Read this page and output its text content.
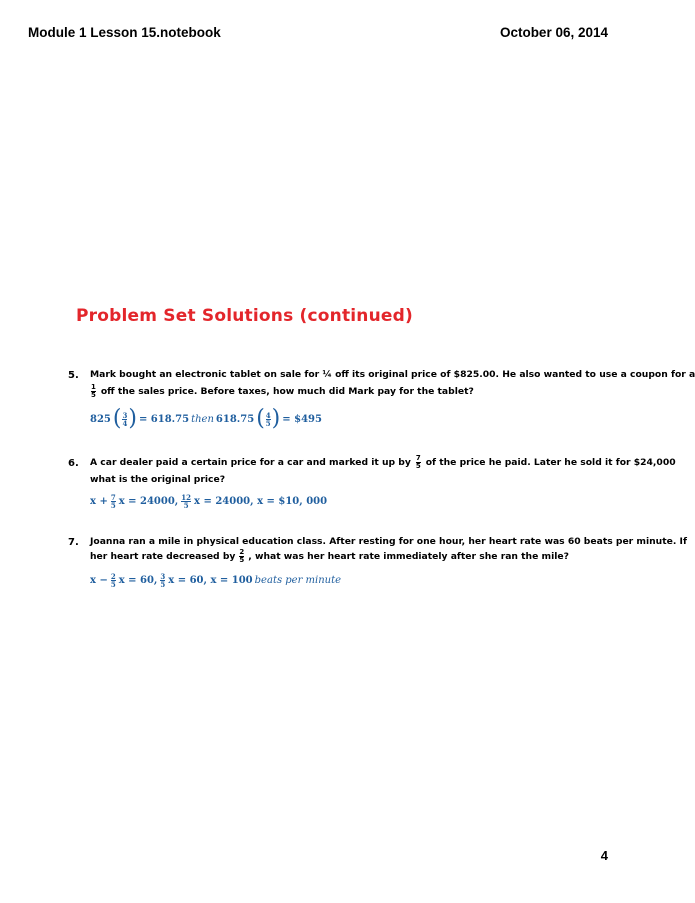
Module 1 Lesson 15.notebook	October 06, 2014
Problem Set Solutions (continued)
5. Mark bought an electronic tablet on sale for ¼ off its original price of $825.00. He also wanted to use a coupon for a
$\frac{1}{5}$ off the sales price. Before taxes, how much did Mark pay for the tablet?
825 ( $\frac{3}{4}$ ) = 618.75 then 618.75 ( $\frac{4}{5}$ ) = $495
6. A car dealer paid a certain price for a car and marked it up by $\frac{7}{5}$ of the price he paid. Later he sold it for $24,000
what is the original price?
$x + \frac{7}{5}$ x = 24000, $\frac{12}{5}$ x = 24000, x = $10, 000
7. Joanna ran a mile in physical education class. After resting for one hour, her heart rate was 60 beats per minute. If
her heart rate decreased by $\frac{2}{5}$ , what was her heart rate immediately after she ran the mile?
$x - \frac{2}{5}$ x = 60, $\frac{3}{5}$ x = 60, x = 100 beats per minute
4
